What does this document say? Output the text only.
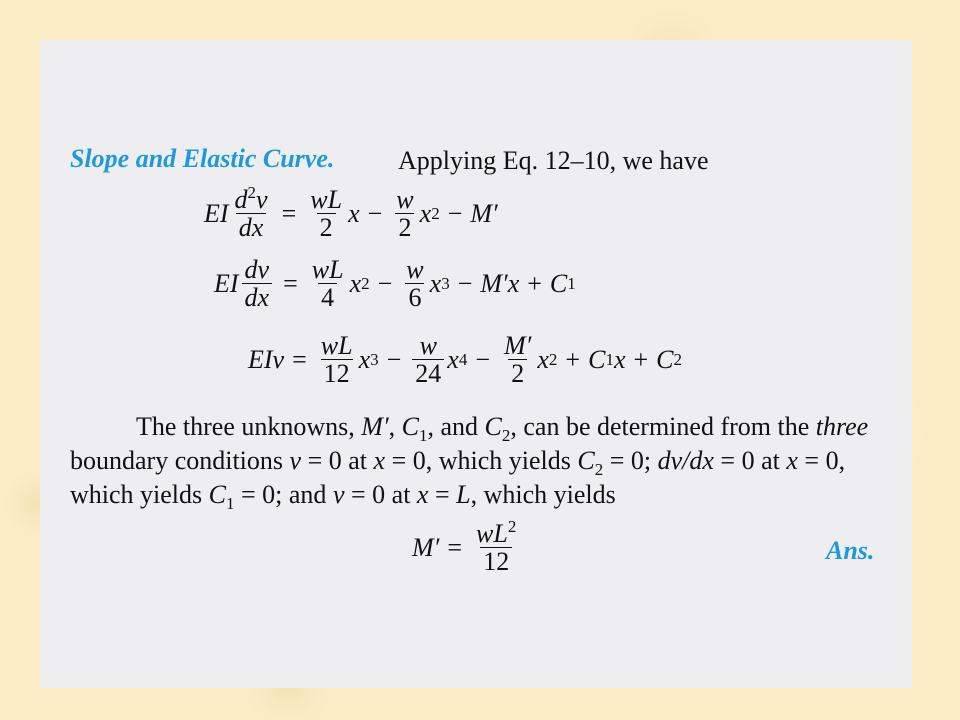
Slope and Elastic Curve. Applying Eq. 12–10, we have
EI $\frac{d^2v}{dx} = \frac{wL}{2}$ $x - \frac{w}{2}$ x 2 − M′
EI $\frac{dv}{dx} = \frac{wL}{4}$ x $2 - \frac{w}{6}$ x 3 − M′x + C 1
EIv = $\frac{wL}{12}$ x $3 - \frac{w}{24}$ x $4 - \frac{M'}{2}$ x 2 + C 1 x + C 2
The three unknowns, M′, $C_1$, and $C_2$, can be determined from the three boundary conditions v = 0 at x = 0, which yields $C_2 = 0$; dv/dx = 0 at x = 0, which yields $C_1 = 0$; and v = 0 at x = L, which yields
$M' = \frac{wL^2}{12}$	Ans.
